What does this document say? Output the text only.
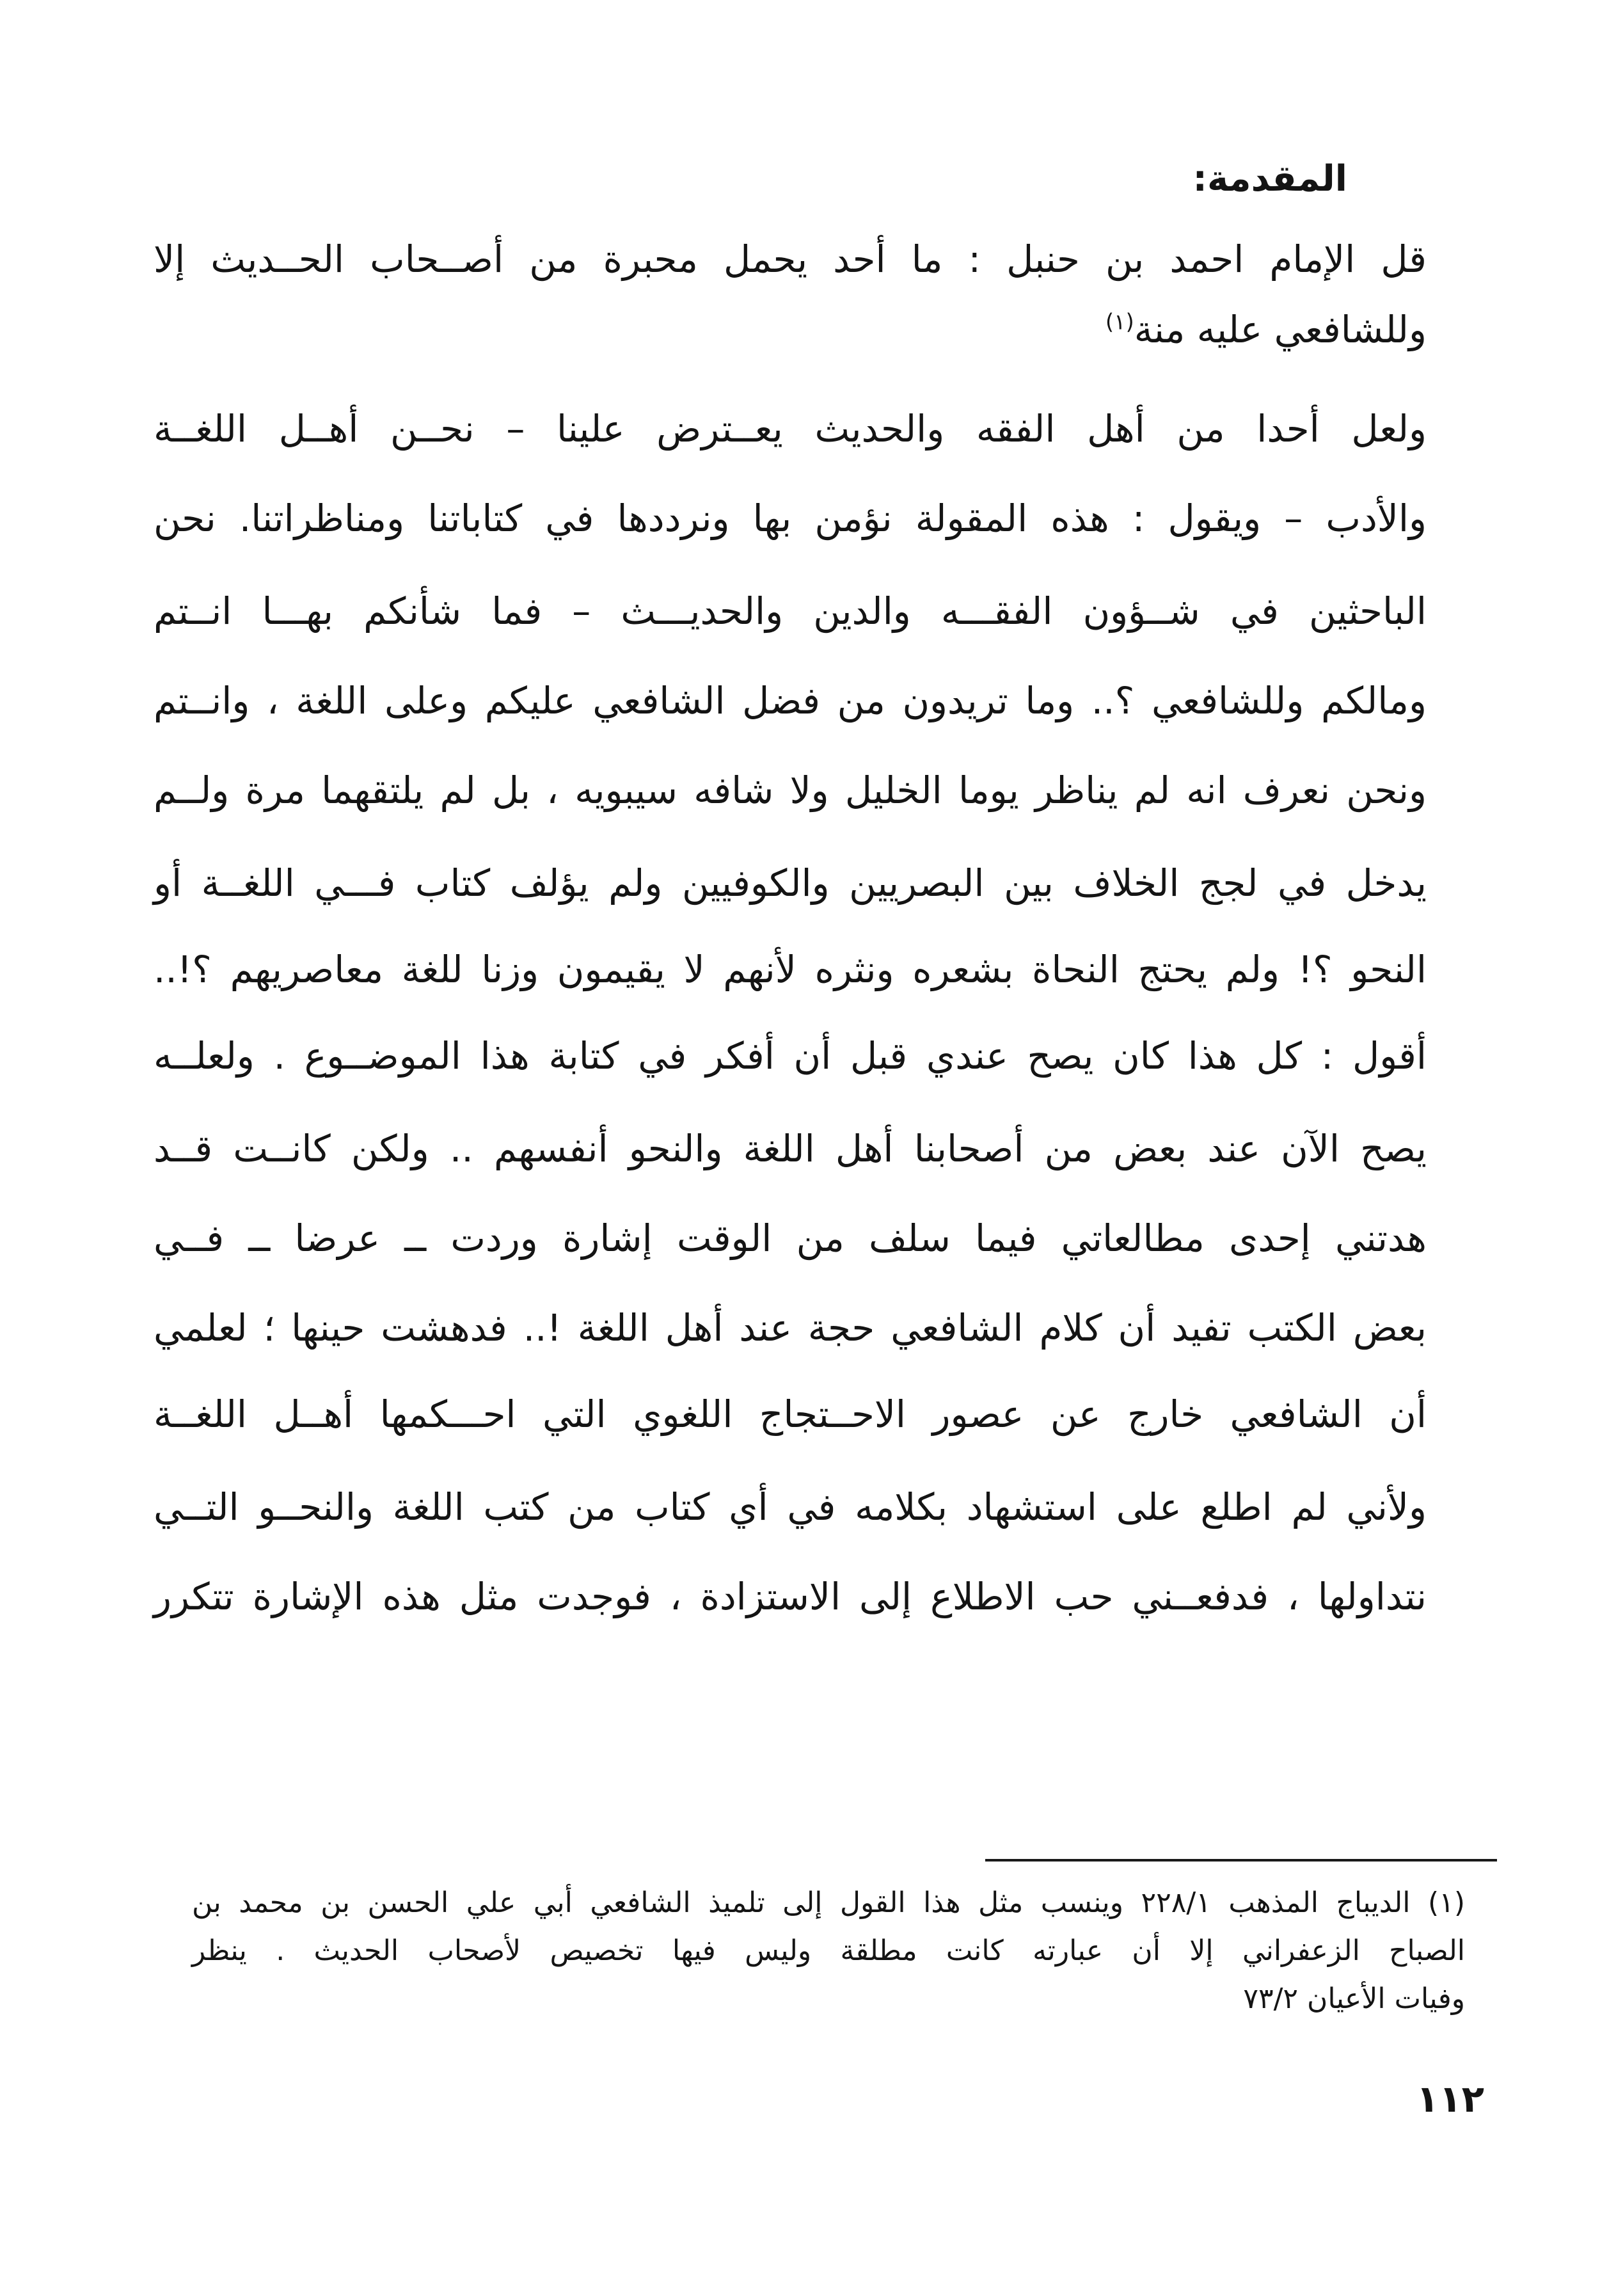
المقدمة:
قل الإمام احمد بن حنبل : ما أحد يحمل محبرة من أصــحاب الحــديث إلا
وللشافعي عليه منة$^{(١)}$
ولعل أحدا من أهل الفقه والحديث يعــترض علينا – نحــن أهــل اللغــة
والأدب – ويقول : هذه المقولة نؤمن بها ونرددها في كتاباتنا ومناظراتنا. نحن
الباحثين في شــؤون الفقـــه والدين والحديـــث – فما شأنكم بهـــا انــتم
ومالكم وللشافعي ؟.. وما تريدون من فضل الشافعي عليكم وعلى اللغة ، وانــتم
ونحن نعرف انه لم يناظر يوما الخليل ولا شافه سيبويه ، بل لم يلتقهما مرة ولــم
يدخل في لجج الخلاف بين البصريين والكوفيين ولم يؤلف كتاب فـــي اللغــة أو
النحو ؟! ولم يحتج النحاة بشعره ونثره لأنهم لا يقيمون وزنا للغة معاصريهم ؟!..
أقول : كل هذا كان يصح عندي قبل أن أفكر في كتابة هذا الموضــوع . ولعلــه
يصح الآن عند بعض من أصحابنا أهل اللغة والنحو أنفسهم .. ولكن كانــت قــد
هدتني إحدى مطالعاتي فيما سلف من الوقت إشارة وردت ــ عرضا ــ فــي
بعض الكتب تفيد أن كلام الشافعي حجة عند أهل اللغة !.. فدهشت حينها ؛ لعلمي
أن الشافعي خارج عن عصور الاحــتجاج اللغوي التي احـــكمها أهــل اللغــة
ولأني لم اطلع على استشهاد بكلامه في أي كتاب من كتب اللغة والنحــو التــي
نتداولها ، فدفعــني حب الاطلاع إلى الاستزادة ، فوجدت مثل هذه الإشارة تتكرر
(١) الديباج المذهب ٢٢٨/١ وينسب مثل هذا القول إلى تلميذ الشافعي أبي علي الحسن بن محمد بن
الصباح الزعفراني إلا أن عبارته كانت مطلقة وليس فيها تخصيص لأصحاب الحديث . ينظر
وفيات الأعيان ٧٣/٢
١١٢
